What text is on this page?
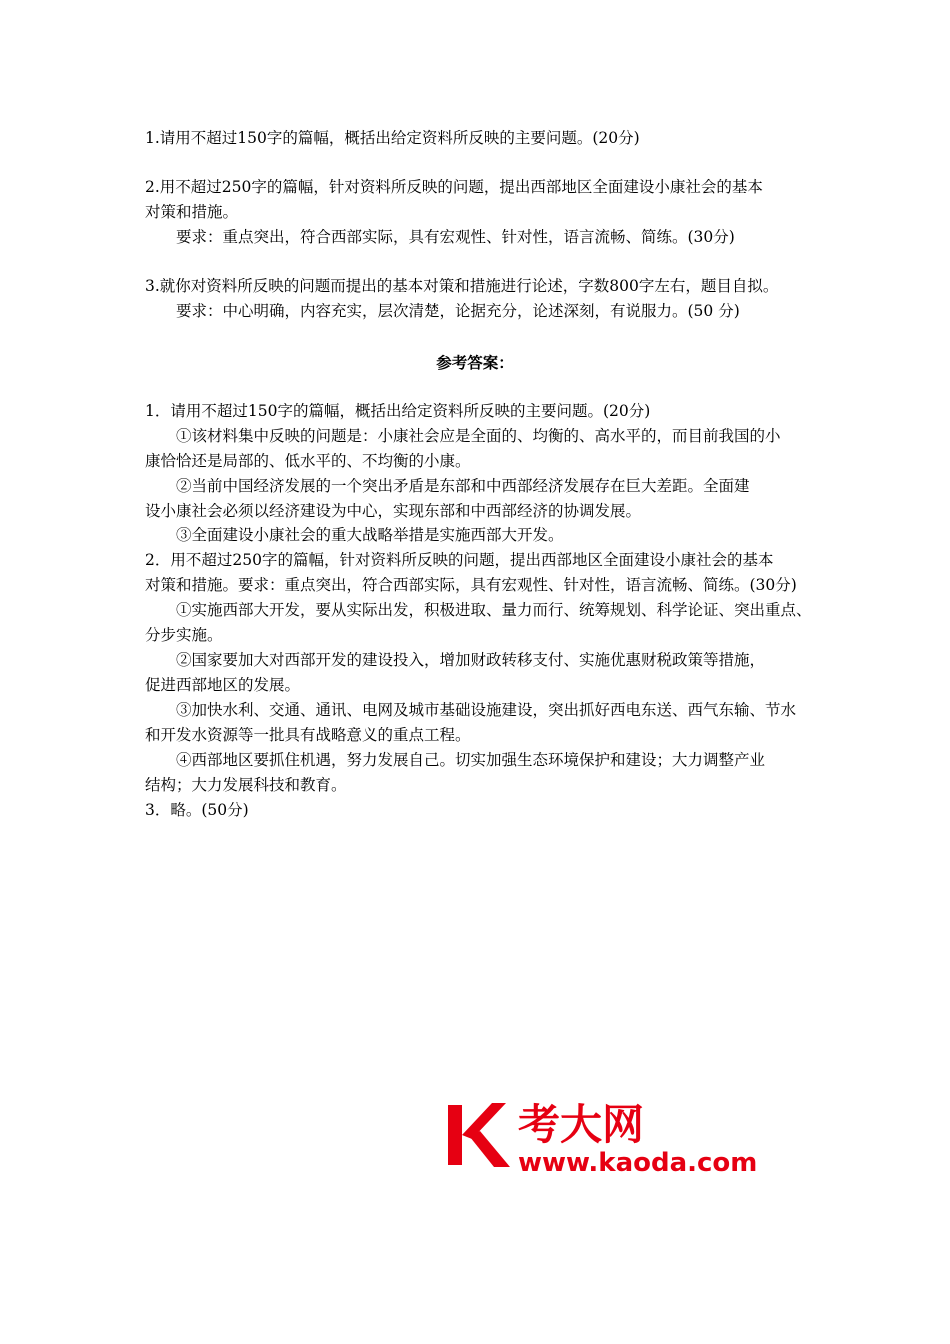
1.请用不超过150字的篇幅，概括出给定资料所反映的主要问题。(20分)
2.用不超过250字的篇幅，针对资料所反映的问题，提出西部地区全面建设小康社会的基本
对策和措施。
要求：重点突出，符合西部实际，具有宏观性、针对性，语言流畅、简练。(30分)
3.就你对资料所反映的问题而提出的基本对策和措施进行论述，字数800字左右，题目自拟。
要求：中心明确，内容充实，层次清楚，论据充分，论述深刻，有说服力。(50 分)
参考答案：
1．请用不超过150字的篇幅，概括出给定资料所反映的主要问题。(20分)
①该材料集中反映的问题是：小康社会应是全面的、均衡的、高水平的，而目前我国的小
康恰恰还是局部的、低水平的、不均衡的小康。
②当前中国经济发展的一个突出矛盾是东部和中西部经济发展存在巨大差距。全面建
设小康社会必须以经济建设为中心，实现东部和中西部经济的协调发展。
③全面建设小康社会的重大战略举措是实施西部大开发。
2．用不超过250字的篇幅，针对资料所反映的问题，提出西部地区全面建设小康社会的基本
对策和措施。要求：重点突出，符合西部实际，具有宏观性、针对性，语言流畅、简练。(30分)
①实施西部大开发，要从实际出发，积极进取、量力而行、统筹规划、科学论证、突出重点、
分步实施。
②国家要加大对西部开发的建设投入，增加财政转移支付、实施优惠财税政策等措施，
促进西部地区的发展。
③加快水利、交通、通讯、电网及城市基础设施建设，突出抓好西电东送、西气东输、节水
和开发水资源等一批具有战略意义的重点工程。
④西部地区要抓住机遇，努力发展自己。切实加强生态环境保护和建设；大力调整产业
结构；大力发展科技和教育。
3．略。(50分)
考大网
www.kaoda.com
